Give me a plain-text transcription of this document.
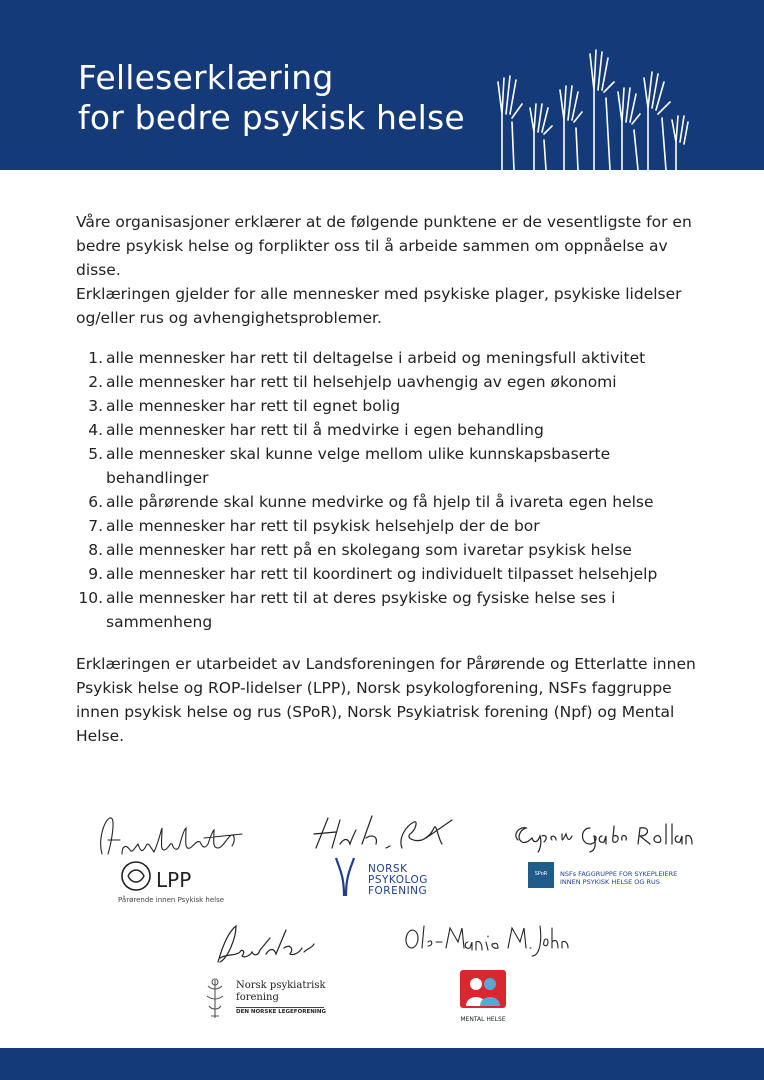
Felleserklæring
for bedre psykisk helse

Våre organisasjoner erklærer at de følgende punktene er de vesentligste for en bedre psykisk helse og forplikter oss til å arbeide sammen om oppnåelse av disse.

Erklæringen gjelder for alle mennesker med psykiske plager, psykiske lidelser og/eller rus og avhengighetsproblemer.

1. alle mennesker har rett til deltagelse i arbeid og meningsfull aktivitet
2. alle mennesker har rett til helsehjelp uavhengig av egen økonomi
3. alle mennesker har rett til egnet bolig
4. alle mennesker har rett til å medvirke i egen behandling
5. alle mennesker skal kunne velge mellom ulike kunnskapsbaserte behandlinger
6. alle pårørende skal kunne medvirke og få hjelp til å ivareta egen helse
7. alle mennesker har rett til psykisk helsehjelp der de bor
8. alle mennesker har rett på en skolegang som ivaretar psykisk helse
9. alle mennesker har rett til koordinert og individuelt tilpasset helsehjelp
10. alle mennesker har rett til at deres psykiske og fysiske helse ses i sammenheng

Erklæringen er utarbeidet av Landsforeningen for Pårørende og Etterlatte innen Psykisk helse og ROP-lidelser (LPP), Norsk psykologforening, NSFs faggruppe innen psykisk helse og rus (SPoR), Norsk Psykiatrisk forening (Npf) og Mental Helse.

LPP
Pårørende innen Psykisk helse
NORSK
PSYKOLOG
FORENING
SPoR	NSFs FAGGRUPPE FOR SYKEPLEIERE
INNEN PSYKISK HELSE OG RUS
Norsk psykiatrisk
forening
DEN NORSKE LEGEFORENING
MENTAL HELSE
